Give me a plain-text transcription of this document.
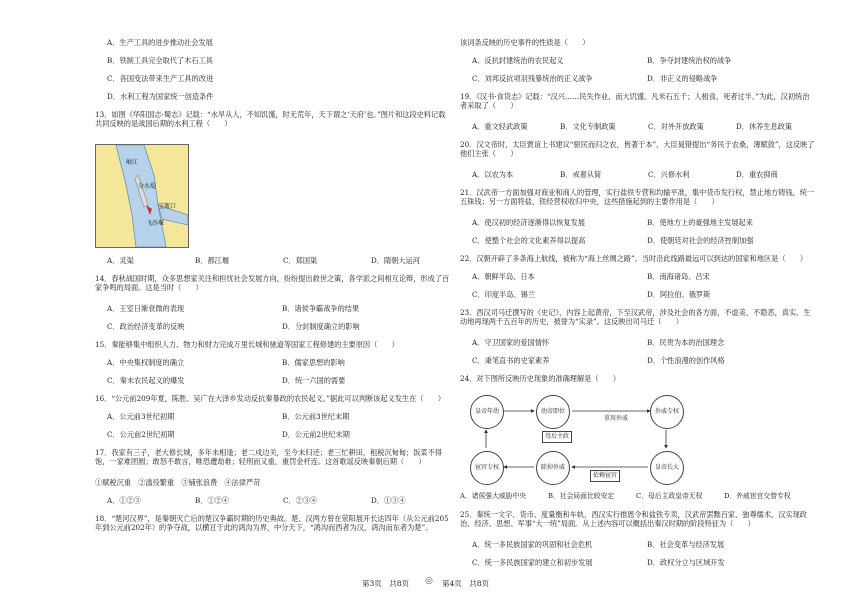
A．生产工具的进步推动社会发展
B．铁制工具完全取代了木石工具
C．各国变法带来生产工具的改进
D．水利工程为国家统一创造条件
13．如图《华阳国志·蜀志》记载：“水旱从人，不知饥馑，时无荒年，天下谓之‘天府’也。”图片和这段史料记载共同反映的是战国后期的水利工程（　　）
岷江
分水堤
宝瓶口
飞沙堰
A．灵渠	B．都江堰	C．郑国渠	D．隋朝大运河
14．春秋战国时期，众多思想家关注和担忧社会发展方向，纷纷提出救世之策，各学派之间相互论辩，形成了百家争鸣的局面。这是当时（　　）
A．王室日渐衰微的表现	B．诸侯争霸战争的结果
C．政治经济变革的反映	D．分封制度确立的影响
15．秦能够集中组织人力、物力和财力完成万里长城和驰道等国家工程修建的主要原因（　　）
A．中央集权制度的确立	B．儒家思想的影响
C．秦末农民起义的爆发	D．统一六国的需要
16．“公元前209年夏，陈胜、吴广在大泽乡发动反抗秦暴政的农民起义。”据此可以判断该起义发生在（　　）
A．公元前3世纪初期	B．公元前3世纪末期
C．公元前2世纪初期	D．公元前2世纪末期
17．我家有三子，老大修长城，多年未相逢；老二戍边关，至今未归还；老三忙耕田，租税沉甸甸；饭菜不得饱，一家难团圆；敢怒不敢言，唯恐遭劫难；轻刑而又重，重罚金杆连。这首歌谣反映秦朝后期（　　）
①赋税沉重　②滥役繁重　③铺张浪费　④法律严苛
A．①②③	B．①②④	C．②③④	D．①③④
18．“楚河汉界”，是秦朝灭亡后的楚汉争霸时期的历史典故。楚、汉两方曾在荥阳展开长达四年（从公元前205年到公元前202年）的争夺战，以横亘于此的鸿沟为界，中分天下，“鸿沟而西者为汉，鸿沟而东者为楚”。
该词条反映的历史事件的性质是（　　）
A．反抗封建统治的农民起义	B．争夺封建统治权的战争
C．刘邦反抗项羽残暴统治的正义战争	D．非正义的侵略战争
19．《汉书·食货志》记载：“汉兴……民失作业，而大饥馑。凡米石五千；人相食，死者过半。”为此，汉初统治者采取了（　　）
A．重文轻武政策	B．文化专制政策	C．对外开放政策	D．休养生息政策
20．汉文帝时，太臣贾谊上书建议“驱民而归之农，皆著于本”，大臣晁错提出“务民于农桑，薄赋敛”，这反映了他们主张（　　）
A．以农为本	B．戒奢从简	C．兴修水利	D．重农抑商
21．汉武帝一方面加强对商业和商人的管理，实行盐铁专营和均输平准，集中货币发行权，禁止地方铸钱，统一五铢钱；另一方面将盐、铁经营权收归中央，这些措施起到的主要作用是（　　）
A．使汉初的经济逐渐得以恢复发展	B．使地方上的豪强地主发展起来
C．使整个社会的文化素养得以提高	D．使朝廷对社会的经济控制加强
22．汉朝开辟了多条海上航线，被称为“海上丝绸之路”。当时沿此线路最远可以到达的国家和地区是（　　）
A．朝鲜半岛、日本	B．南海诸岛、吕宋
C．印度半岛、锡兰	D．阿拉伯、俄罗斯
23．西汉司马迁撰写的《史记》，内容上起黄帝，下至汉武帝，涉及社会的各方面，不虚美、不隐恶，真实、生动地再现两千五百年的历史，被誉为“实录”。这反映出司马迁（　　）
A．守卫国家的爱国情怀	B．民贵为本的治国理念
C．秉笔直书的史家素养	D．个性浪漫的创作风格
24．对下图所反映历史现象的准确理解是（　　）
皇帝年幼	幼帝即位	外戚专权
宦官专权	除掉外戚	皇帝长大
母后主政
依赖宦官
重用外戚
A．诸侯强大威胁中央	B．社会局面比较安定	C．母后主政皇帝无权	D．外戚宦官交替专权
25．秦统一文字、货币、度量衡和车轨，西汉实行推恩令和盐铁专卖，汉武帝罢黜百家、独尊儒术，汉实现政治、经济、思想、军事“大一统”局面。从上述内容可以概括出秦汉时期的阶段特征为（　　）
A．统一多民族国家的巩固和社会危机	B．社会变革与经济发展
C．统一多民族国家的建立和初步发展	D．政权分立与区域开发
第3页　共8页 ◎ 第4页　共8页
